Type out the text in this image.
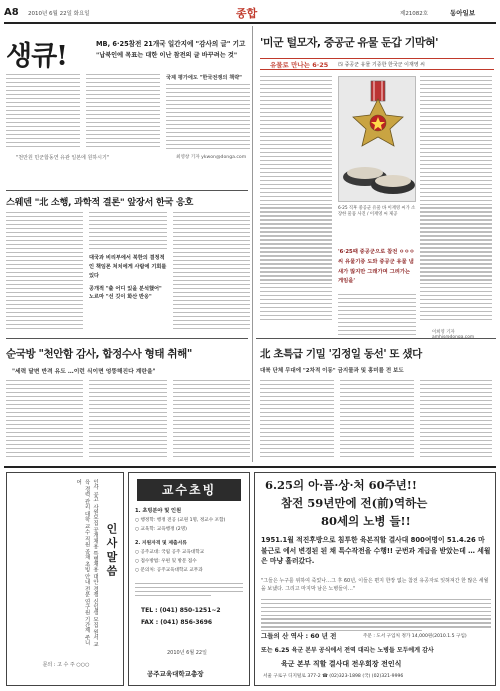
A8 2010년 6월 22일 화요일	종합	제21082호	동아일보
생큐!	MB, 6·25참전 21개국 일간지에 "감사의 글" 기고
"납북인에 목표는 대한 이난 참전의 글 바꾸려는 것"
국제 평가에도 "한국전쟁의 책략"
"천만원 민군합동연 유관 일본에 원하시기"	최영창 기자 ykwon@donga.com
스웨덴 "北 소행, 과학적 결론" 앞장서 한국 응호
대국과 비리부에서 북한의 결정적인 책임론 처치에게 사람에 기회를 있다
공개적 "출 어디 있을 분석했어" 노르마 "선 깃이 화산 반응"
순국방 "천안함 감사, 합정수사 형태 취해"
"세력 달변 반격 유도 …이런 식이면 엉뚱해진다 계란을"
'미군 털모자, 중공군 유물 둔갑 기막혀'
유물로 만나는 6·25 ⑸ 중공군 유물 기증한 한국군 이재영 씨
6·25 직후 중공군 유물 바 이재영 씨가 소장한 물품 사진 / 이재영 씨 제공
'6·25때 중공군으로 참전 ㅇㅇㅇ씨 유물기증 도와 중공군 유물 냄새가 많지만 그래가며 그려가는 게임을'
이희영 기자
北 초특급 기밀 '김정일 동선' 또 샜다
대북 단체 무대에 "2차적 이동" 금지물과 및 홍미를 전 보도
인사 공고 사원모집 공개채용 특별채용 대안 경쟁 신입생 모집 원서 교육 경력 관리 대학 교수 직원 공채 초빙 안내 전문 연구원 기간제 주니어
인사말씀
문의 : 고 수 주 ○○○
교수초빙
1. 초빙분야 및 인원
○ 행정학: 행정 전공 (교원 1명, 정교수 포함)
○ 교육학: 교육행정 (2명)
2. 지원자격 및 제출서류
○ 공주교대: 국립 공주 교육대학교
○ 접수방법: 우편 및 방문 접수
○ 문의처: 공주교육대학교 교무과
TEL : (041) 850-1251~2
FAX : (041) 856-3696
2010년 6월 22일
공주교육대학교총장
6.25의 아·픔·상·처 60주년!!
참전 59년만에 전(前)역하는
80세의 노병 들!!
1951.1월 적진후방으로 침투한 육본직할 결사대 800여명이 51.4.26 마불근로 에서 변경된 된 채 특수작전을 수행!! 군번과 계급을 받았는데 … 세월은 마냥 흘러갔다.
"그들은 누구를 위하여 죽었나…그 후 60년, 이들은 편지 한장 없는 참전 유공자로 잊혀져간 한 많은 세월을 보냈다. 그리고 마지막 남은 노병들이…"
그들의 산 역사 : 60 년 전	주문 : 도서 구입처 정가 14,000원(2010.1.5 구입)
또는 6.25 육군 본부 공식에서 전역 대리는 노병들 모두에게 감사
육군 본부 직할 결사대 전우회장 전인식
서울 구로구 디지털로 377-2 ☎ (02)323-1898 (국) (02)321-9996
